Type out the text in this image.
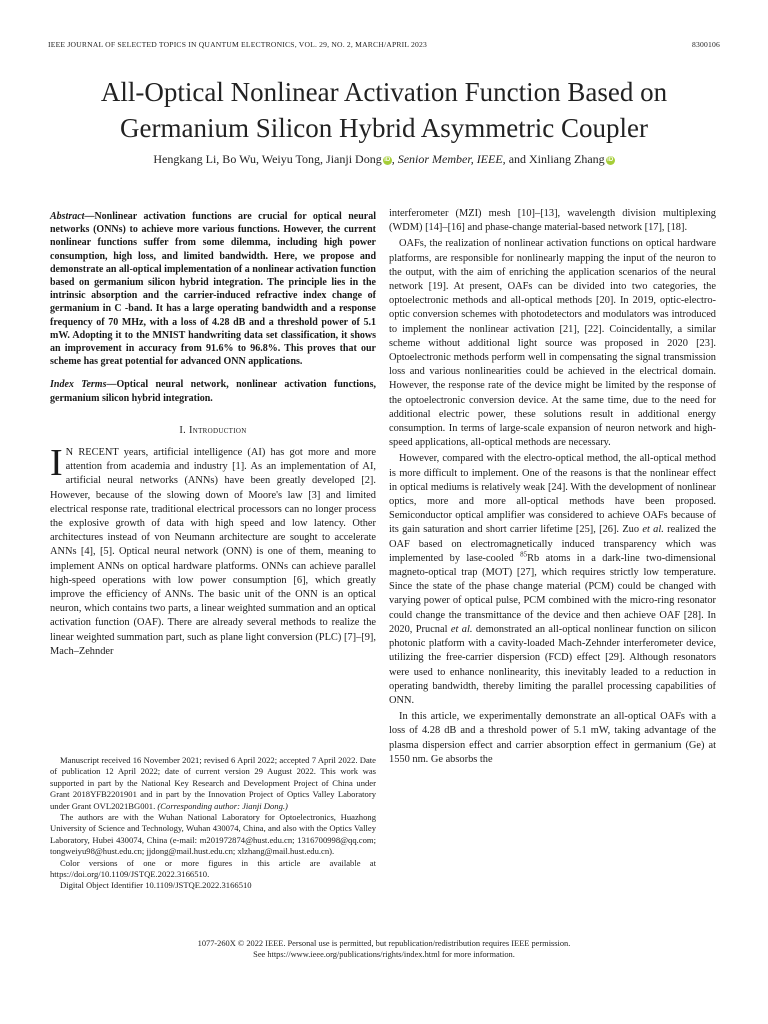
IEEE JOURNAL OF SELECTED TOPICS IN QUANTUM ELECTRONICS, VOL. 29, NO. 2, MARCH/APRIL 2023	8300106
All-Optical Nonlinear Activation Function Based on
Germanium Silicon Hybrid Asymmetric Coupler
Hengkang Li, Bo Wu, Weiyu Tong, Jianji Dong iD , Senior Member, IEEE, and Xinliang Zhang iD
Abstract—Nonlinear activation functions are crucial for optical neural networks (ONNs) to achieve more various functions. However, the current nonlinear functions suffer from some dilemma, including high power consumption, high loss, and limited bandwidth. Here, we propose and demonstrate an all-optical implementation of a nonlinear activation function based on germanium silicon hybrid integration. The principle lies in the intrinsic absorption and the carrier-induced refractive index change of germanium in C -band. It has a large operating bandwidth and a response frequency of 70 MHz, with a loss of 4.28 dB and a threshold power of 5.1 mW. Adopting it to the MNIST handwriting data set classification, it shows an improvement in accuracy from 91.6% to 96.8%. This proves that our scheme has great potential for advanced ONN applications.
Index Terms—Optical neural network, nonlinear activation functions, germanium silicon hybrid integration.
I. Introduction
IN RECENT years, artificial intelligence (AI) has got more and more attention from academia and industry [1]. As an implementation of AI, artificial neural networks (ANNs) have been greatly developed [2]. However, because of the slowing down of Moore's law [3] and limited electrical response rate, traditional electrical processors can no longer process the explosive growth of data with high speed and low latency. Other architectures instead of von Neumann architecture are sought to accelerate ANNs [4], [5]. Optical neural network (ONN) is one of them, meaning to implement ANNs on optical hardware platforms. ONNs can achieve parallel high-speed operations with low power consumption [6], which greatly improve the efficiency of ANNs. The basic unit of the ONN is an optical neuron, which contains two parts, a linear weighted summation and an optical activation function (OAF). There are already several methods to realize the linear weighted summation part, such as plane light conversion (PLC) [7]–[9], Mach–Zehnder

Manuscript received 16 November 2021; revised 6 April 2022; accepted 7 April 2022. Date of publication 12 April 2022; date of current version 29 August 2022. This work was supported in part by the National Key Research and Development Project of China under Grant 2018YFB2201901 and in part by the Innovation Project of Optics Valley Laboratory under Grant OVL2021BG001. (Corresponding author: Jianji Dong.)

The authors are with the Wuhan National Laboratory for Optoelectronics, Huazhong University of Science and Technology, Wuhan 430074, China, and also with the Optics Valley Laboratory, Hubei 430074, China (e-mail: m201972874@hust.edu.cn; 1316700998@qq.com; tongweiyu98@hust.edu.cn; jjdong@mail.hust.edu.cn; xlzhang@mail.hust.edu.cn).

Color versions of one or more figures in this article are available at https://doi.org/10.1109/JSTQE.2022.3166510.

Digital Object Identifier 10.1109/JSTQE.2022.3166510

interferometer (MZI) mesh [10]–[13], wavelength division multiplexing (WDM) [14]–[16] and phase-change material-based network [17], [18].

OAFs, the realization of nonlinear activation functions on optical hardware platforms, are responsible for nonlinearly mapping the input of the neuron to the output, with the aim of enriching the application scenarios of the neural network [19]. At present, OAFs can be divided into two categories, the optoelectronic methods and all-optical methods [20]. In 2019, optic-electro-optic conversion schemes with photodetectors and modulators was introduced to implement the nonlinear activation [21], [22]. Coincidentally, a similar scheme without additional light source was proposed in 2020 [23]. Optoelectronic methods perform well in compensating the signal transmission loss and various nonlinearities could be achieved in the electrical domain. However, the response rate of the device might be limited by the response of the optoelectronic conversion device. At the same time, due to the need for additional electric power, these solutions result in additional energy consumption. In terms of large-scale expansion of neuron network and high-speed applications, all-optical methods are necessary.

However, compared with the electro-optical method, the all-optical method is more difficult to implement. One of the reasons is that the nonlinear effect in optical mediums is relatively weak [24]. With the development of nonlinear optics, more and more all-optical methods have been proposed. Semiconductor optical amplifier was considered to achieve OAFs because of its gain saturation and short carrier lifetime [25], [26]. Zuo et al. realized the OAF based on electromagnetically induced transparency which was implemented by lase-cooled $^{85}$Rb atoms in a dark-line two-dimensional magneto-optical trap (MOT) [27], which requires strictly low temperature. Since the state of the phase change material (PCM) could be changed with varying power of optical pulse, PCM combined with the micro-ring resonator could change the transmittance of the device and then achieve OAF [28]. In 2020, Prucnal et al. demonstrated an all-optical nonlinear function on silicon photonic platform with a cavity-loaded Mach-Zehnder interferometer device, utilizing the free-carrier dispersion (FCD) effect [29]. Although resonators were used to enhance nonlinearity, this inevitably leaded to a reduction in operating bandwidth, thereby limiting the parallel processing capabilities of ONN.

In this article, we experimentally demonstrate an all-optical OAFs with a loss of 4.28 dB and a threshold power of 5.1 mW, taking advantage of the plasma dispersion effect and carrier absorption effect in germanium (Ge) at 1550 nm. Ge absorbs the

1077-260X © 2022 IEEE. Personal use is permitted, but republication/redistribution requires IEEE permission.
See https://www.ieee.org/publications/rights/index.html for more information.
